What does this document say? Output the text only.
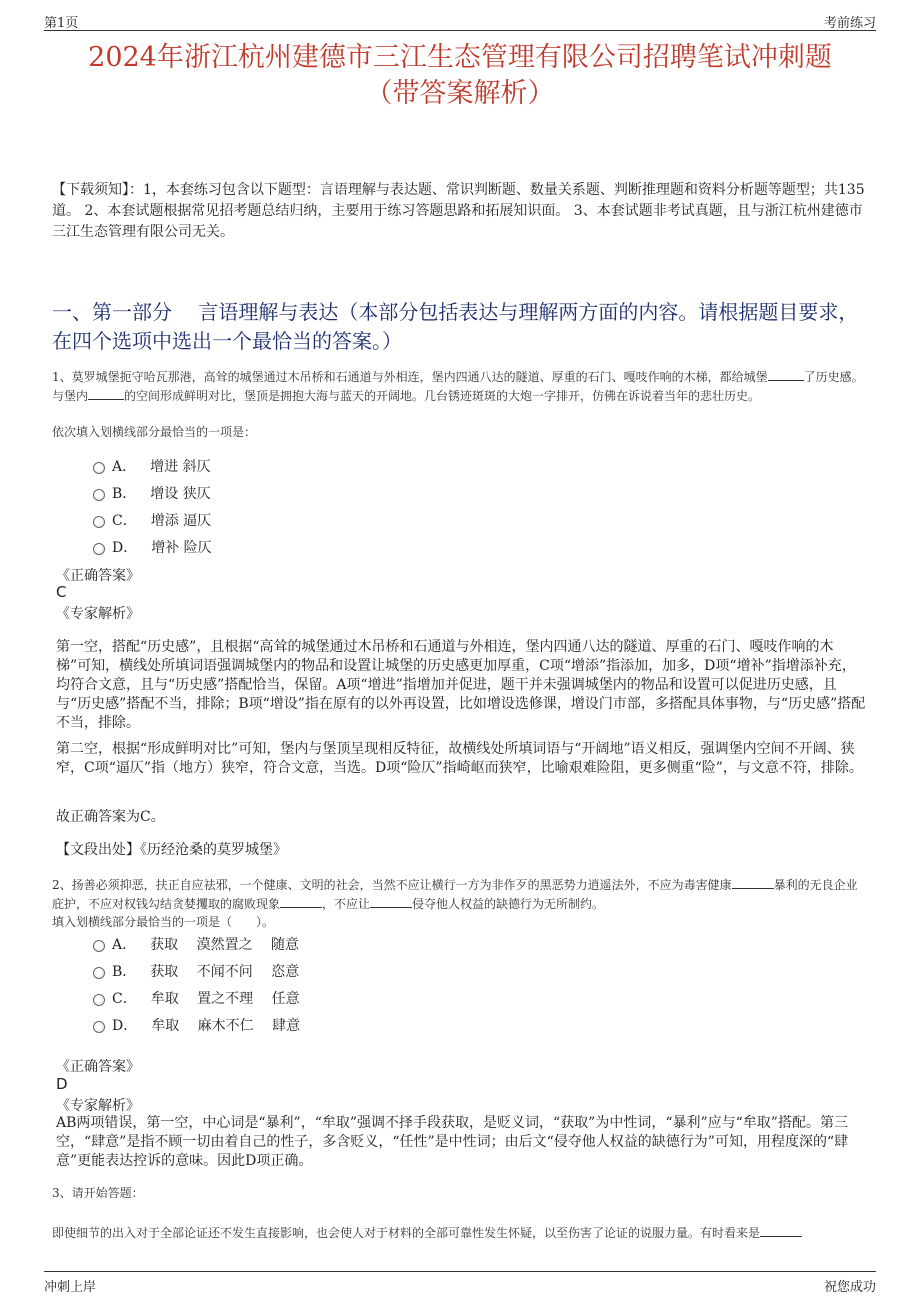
第1页	考前练习
2024年浙江杭州建德市三江生态管理有限公司招聘笔试冲刺题
（带答案解析）
【下载须知】：1，本套练习包含以下题型：言语理解与表达题、常识判断题、数量关系题、判断推理题和资料分析题等题型；共135道。 2、本套试题根据常见招考题总结归纳，主要用于练习答题思路和拓展知识面。 3、本套试题非考试真题，且与浙江杭州建德市三江生态管理有限公司无关。
一、第一部分　 言语理解与表达（本部分包括表达与理解两方面的内容。请根据题目要求，在四个选项中选出一个最恰当的答案。）
1、莫罗城堡扼守哈瓦那港，高耸的城堡通过木吊桥和石通道与外相连，堡内四通八达的隧道、厚重的石门、嘎吱作响的木梯，都给城堡	了历史感。与堡内	的空间形成鲜明对比，堡顶是拥抱大海与蓝天的开阔地。几台锈迹斑斑的大炮一字排开，仿佛在诉说着当年的悲壮历史。
依次填入划横线部分最恰当的一项是：
A． 增进 斜仄
B． 增设 狭仄
C． 增添 逼仄
D． 增补 险仄
《正确答案》
C
《专家解析》
第一空，搭配“历史感”，且根据“高耸的城堡通过木吊桥和石通道与外相连，堡内四通八达的隧道、厚重的石门、嘎吱作响的木梯”可知，横线处所填词语强调城堡内的物品和设置让城堡的历史感更加厚重，C项“增添”指添加，加多，D项“增补”指增添补充，均符合文意，且与“历史感”搭配恰当，保留。A项“增进”指增加并促进，题干并未强调城堡内的物品和设置可以促进历史感，且与“历史感”搭配不当，排除；B项“增设”指在原有的以外再设置，比如增设选修课，增设门市部，多搭配具体事物，与“历史感”搭配不当，排除。
第二空，根据“形成鲜明对比”可知，堡内与堡顶呈现相反特征，故横线处所填词语与“开阔地”语义相反，强调堡内空间不开阔、狭窄，C项“逼仄”指（地方）狭窄，符合文意，当选。D项“险仄”指崎岖而狭窄，比喻艰难险阻，更多侧重“险”，与文意不符，排除。
故正确答案为C。
【文段出处】《历经沧桑的莫罗城堡》
2、扬善必须抑恶，扶正自应祛邪，一个健康、文明的社会，当然不应让横行一方为非作歹的黑恶势力逍遥法外，不应为毒害健康	暴利的无良企业庇护，不应对权钱勾结贪婪攫取的腐败现象	，不应让	侵夺他人权益的缺德行为无所制约。
填入划横线部分最恰当的一项是（　　）。
A． 获取　 漠然置之　 随意
B． 获取　 不闻不问　 恣意
C． 牟取　 置之不理　 任意
D． 牟取　 麻木不仁　 肆意
《正确答案》
D
《专家解析》
AB两项错误，第一空，中心词是“暴利”，“牟取”强调不择手段获取，是贬义词，“获取”为中性词，“暴利”应与“牟取”搭配。第三空，“肆意”是指不顾一切由着自己的性子，多含贬义，“任性”是中性词；由后文“侵夺他人权益的缺德行为”可知，用程度深的“肆意”更能表达控诉的意味。因此D项正确。
3、请开始答题：
即使细节的出入对于全部论证还不发生直接影响，也会使人对于材料的全部可靠性发生怀疑，以至伤害了论证的说服力量。有时看来是
冲刺上岸	祝您成功
